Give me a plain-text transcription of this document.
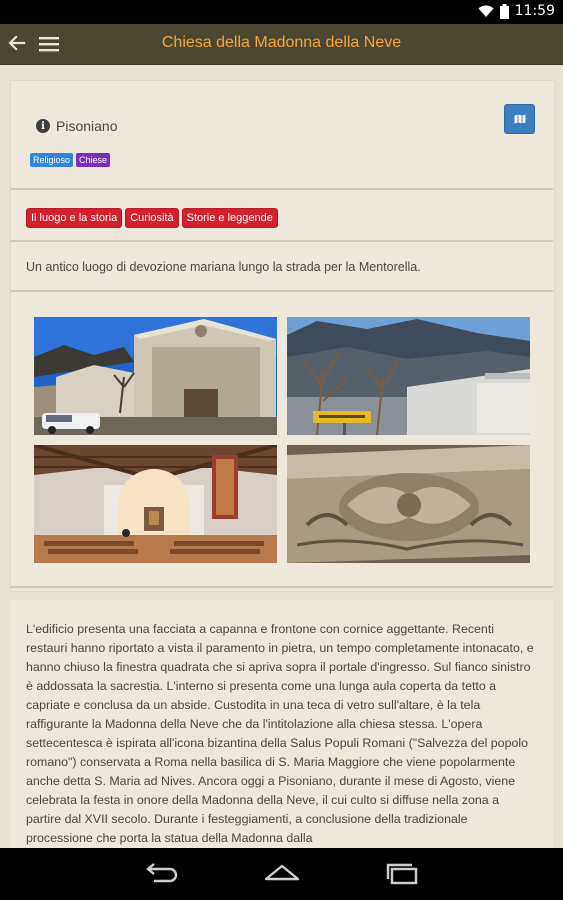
11:59
Chiesa della Madonna della Neve
i Pisoniano
Religioso	Chiese
Il luogo e la storia	Curiosità	Storie e leggende
Un antico luogo di devozione mariana lungo la strada per la Mentorella.

L'edificio presenta una facciata a capanna e frontone con cornice aggettante. Recenti restauri hanno riportato a vista il paramento in pietra, un tempo completamente intonacato, e hanno chiuso la finestra quadrata che si apriva sopra il portale d'ingresso. Sul fianco sinistro è addossata la sacrestia. L'interno si presenta come una lunga aula coperta da tetto a capriate e conclusa da un abside. Custodita in una teca di vetro sull'altare, è la tela raffigurante la Madonna della Neve che da l'intitolazione alla chiesa stessa. L'opera settecentesca è ispirata all'icona bizantina della Salus Populi Romani ("Salvezza del popolo romano") conservata a Roma nella basilica di S. Maria Maggiore che viene popolarmente anche detta S. Maria ad Nives. Ancora oggi a Pisoniano, durante il mese di Agosto, viene celebrata la festa in onore della Madonna della Neve, il cui culto si diffuse nella zona a partire dal XVII secolo. Durante i festeggiamenti, a conclusione della tradizionale processione che porta la statua della Madonna dalla
